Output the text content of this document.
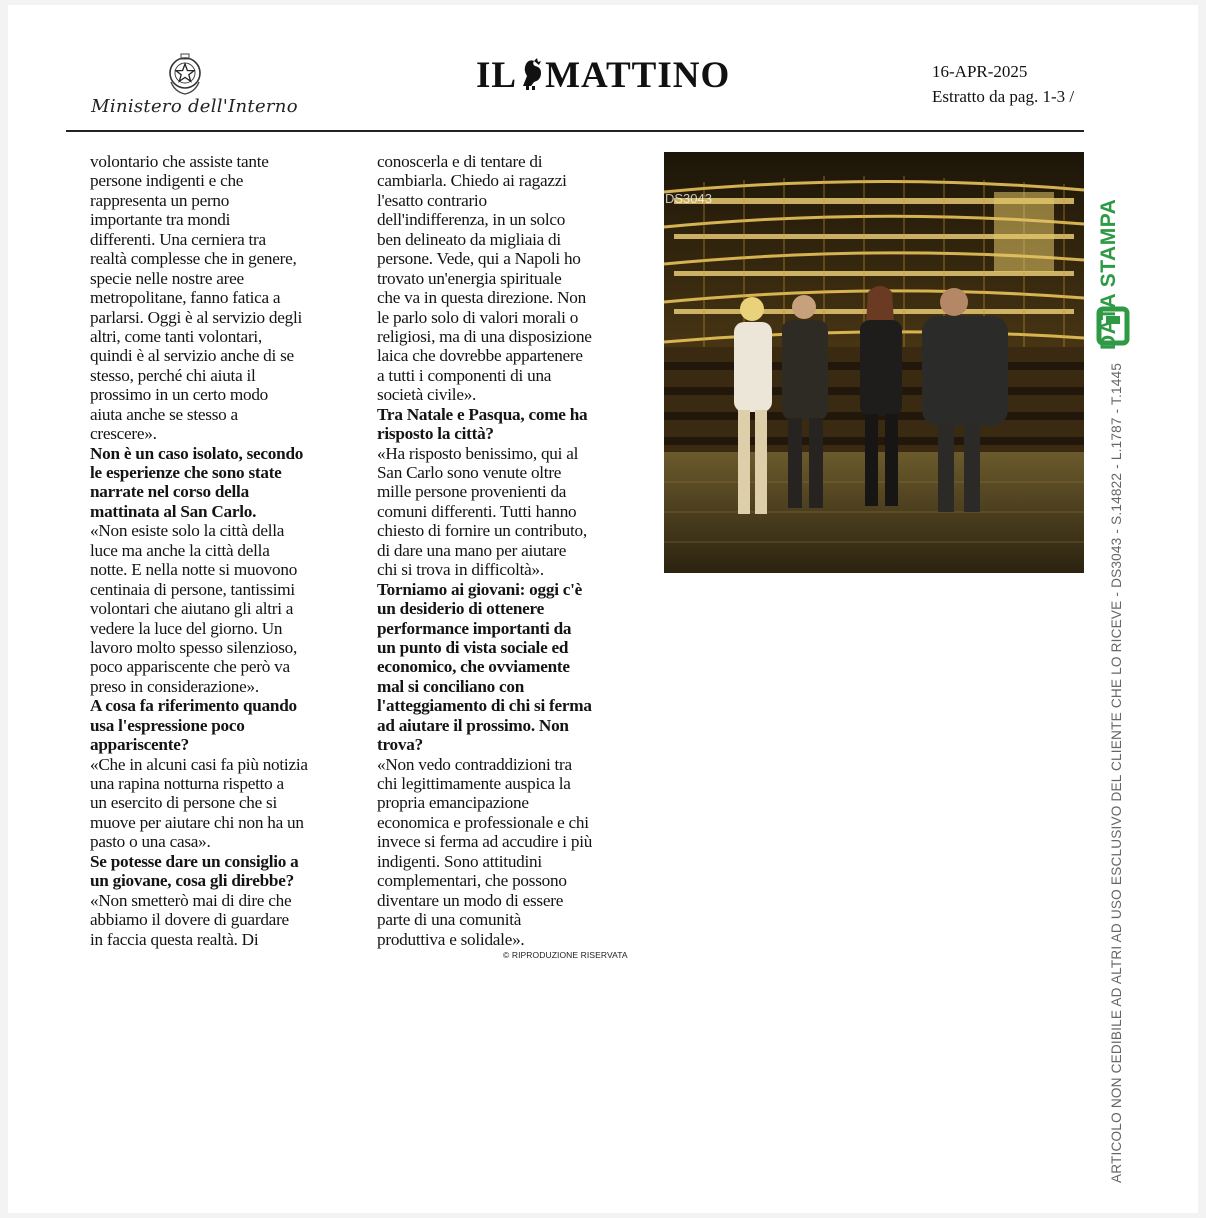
Ministero dell'Interno
IL MATTINO	16-APR-2025
Estratto da pag. 1-3 /
volontario che assiste tante
persone indigenti e che
rappresenta un perno
importante tra mondi
differenti. Una cerniera tra
realtà complesse che in genere,
specie nelle nostre aree
metropolitane, fanno fatica a
parlarsi. Oggi è al servizio degli
altri, come tanti volontari,
quindi è al servizio anche di se
stesso, perché chi aiuta il
prossimo in un certo modo
aiuta anche se stesso a
crescere».
Non è un caso isolato, secondo
le esperienze che sono state
narrate nel corso della
mattinata al San Carlo.
«Non esiste solo la città della
luce ma anche la città della
notte. E nella notte si muovono
centinaia di persone, tantissimi
volontari che aiutano gli altri a
vedere la luce del giorno. Un
lavoro molto spesso silenzioso,
poco appariscente che però va
preso in considerazione».
A cosa fa riferimento quando
usa l'espressione poco
appariscente?
«Che in alcuni casi fa più notizia
una rapina notturna rispetto a
un esercito di persone che si
muove per aiutare chi non ha un
pasto o una casa».
Se potesse dare un consiglio a
un giovane, cosa gli direbbe?
«Non smetterò mai di dire che
abbiamo il dovere di guardare
in faccia questa realtà. Di
conoscerla e di tentare di
cambiarla. Chiedo ai ragazzi
l'esatto contrario
dell'indifferenza, in un solco
ben delineato da migliaia di
persone. Vede, qui a Napoli ho
trovato un'energia spirituale
che va in questa direzione. Non
le parlo solo di valori morali o
religiosi, ma di una disposizione
laica che dovrebbe appartenere
a tutti i componenti di una
società civile».
Tra Natale e Pasqua, come ha
risposto la città?
«Ha risposto benissimo, qui al
San Carlo sono venute oltre
mille persone provenienti da
comuni differenti. Tutti hanno
chiesto di fornire un contributo,
di dare una mano per aiutare
chi si trova in difficoltà».
Torniamo ai giovani: oggi c'è
un desiderio di ottenere
performance importanti da
un punto di vista sociale ed
economico, che ovviamente
mal si conciliano con
l'atteggiamento di chi si ferma
ad aiutare il prossimo. Non
trova?
«Non vedo contraddizioni tra
chi legittimamente auspica la
propria emancipazione
economica e professionale e chi
invece si ferma ad accudire i più
indigenti. Sono attitudini
complementari, che possono
diventare un modo di essere
parte di una comunità
produttiva e solidale».
© RIPRODUZIONE RISERVATA
DS3043
DATA STAMPA
ARTICOLO NON CEDIBILE AD ALTRI AD USO ESCLUSIVO DEL CLIENTE CHE LO RICEVE - DS3043 - S.14822 - L.1787 - T.1445
